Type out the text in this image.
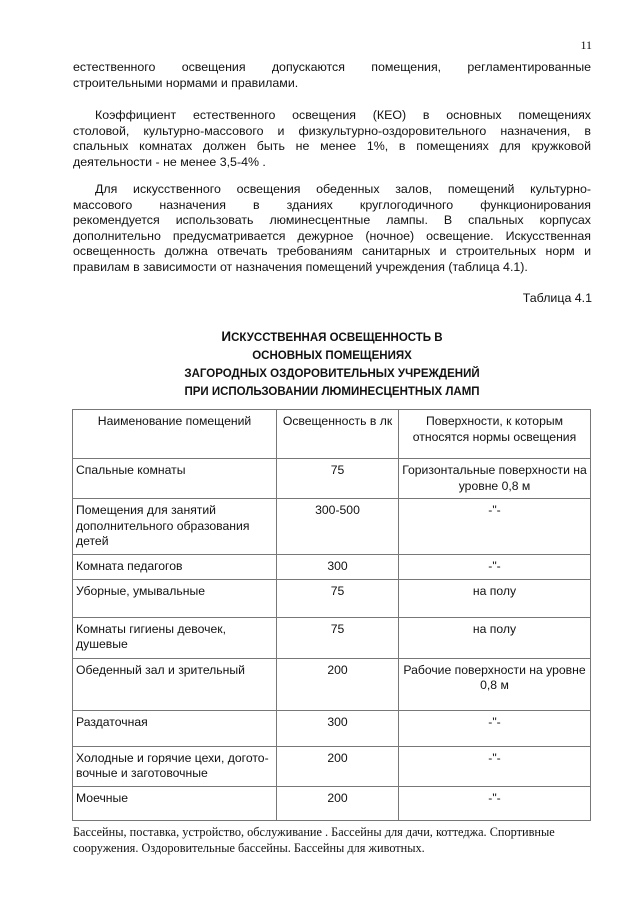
11
естественного освещения допускаются помещения, регламентированные
строительными нормами и правилами.
Коэффициент естественного освещения (КЕО) в основных помещениях
столовой, культурно-массового и физкультурно-оздоровительного назначения, в
спальных комнатах должен быть не менее 1%, в помещениях для кружковой
деятельности - не менее 3,5-4% .
Для искусственного освещения обеденных залов, помещений культурно-
массового назначения в зданиях круглогодичного функционирования
рекомендуется использовать люминесцентные лампы. В спальных корпусах
дополнительно предусматривается дежурное (ночное) освещение. Искусственная
освещенность должна отвечать требованиям санитарных и строительных норм и
правилам в зависимости от назначения помещений учреждения (таблица 4.1).
Таблица 4.1
ИСКУССТВЕННАЯ ОСВЕЩЕННОСТЬ В
ОСНОВНЫХ ПОМЕЩЕНИЯХ
ЗАГОРОДНЫХ ОЗДОРОВИТЕЛЬНЫХ УЧРЕЖДЕНИЙ
ПРИ ИСПОЛЬЗОВАНИИ ЛЮМИНЕСЦЕНТНЫХ ЛАМП
Наименование помещений	Освещенность в лк	Поверхности, к которым относятся нормы освещения
Спальные комнаты	75	Горизонтальные поверхности на уровне 0,8 м
Помещения для занятий дополнительного образования детей	300-500	-"-
Комната педагогов	300	-"-
Уборные, умывальные	75	на полу
Комнаты гигиены девочек, душевые	75	на полу
Обеденный зал и зрительный	200	Рабочие поверхности на уровне 0,8 м
Раздаточная	300	-"-
Холодные и горячие цехи, догото-вочные и заготовочные	200	-"-
Моечные	200	-"-
Бассейны, поставка, устройство, обслуживание . Бассейны для дачи, коттеджа. Спортивные
сооружения. Оздоровительные бассейны. Бассейны для животных.
